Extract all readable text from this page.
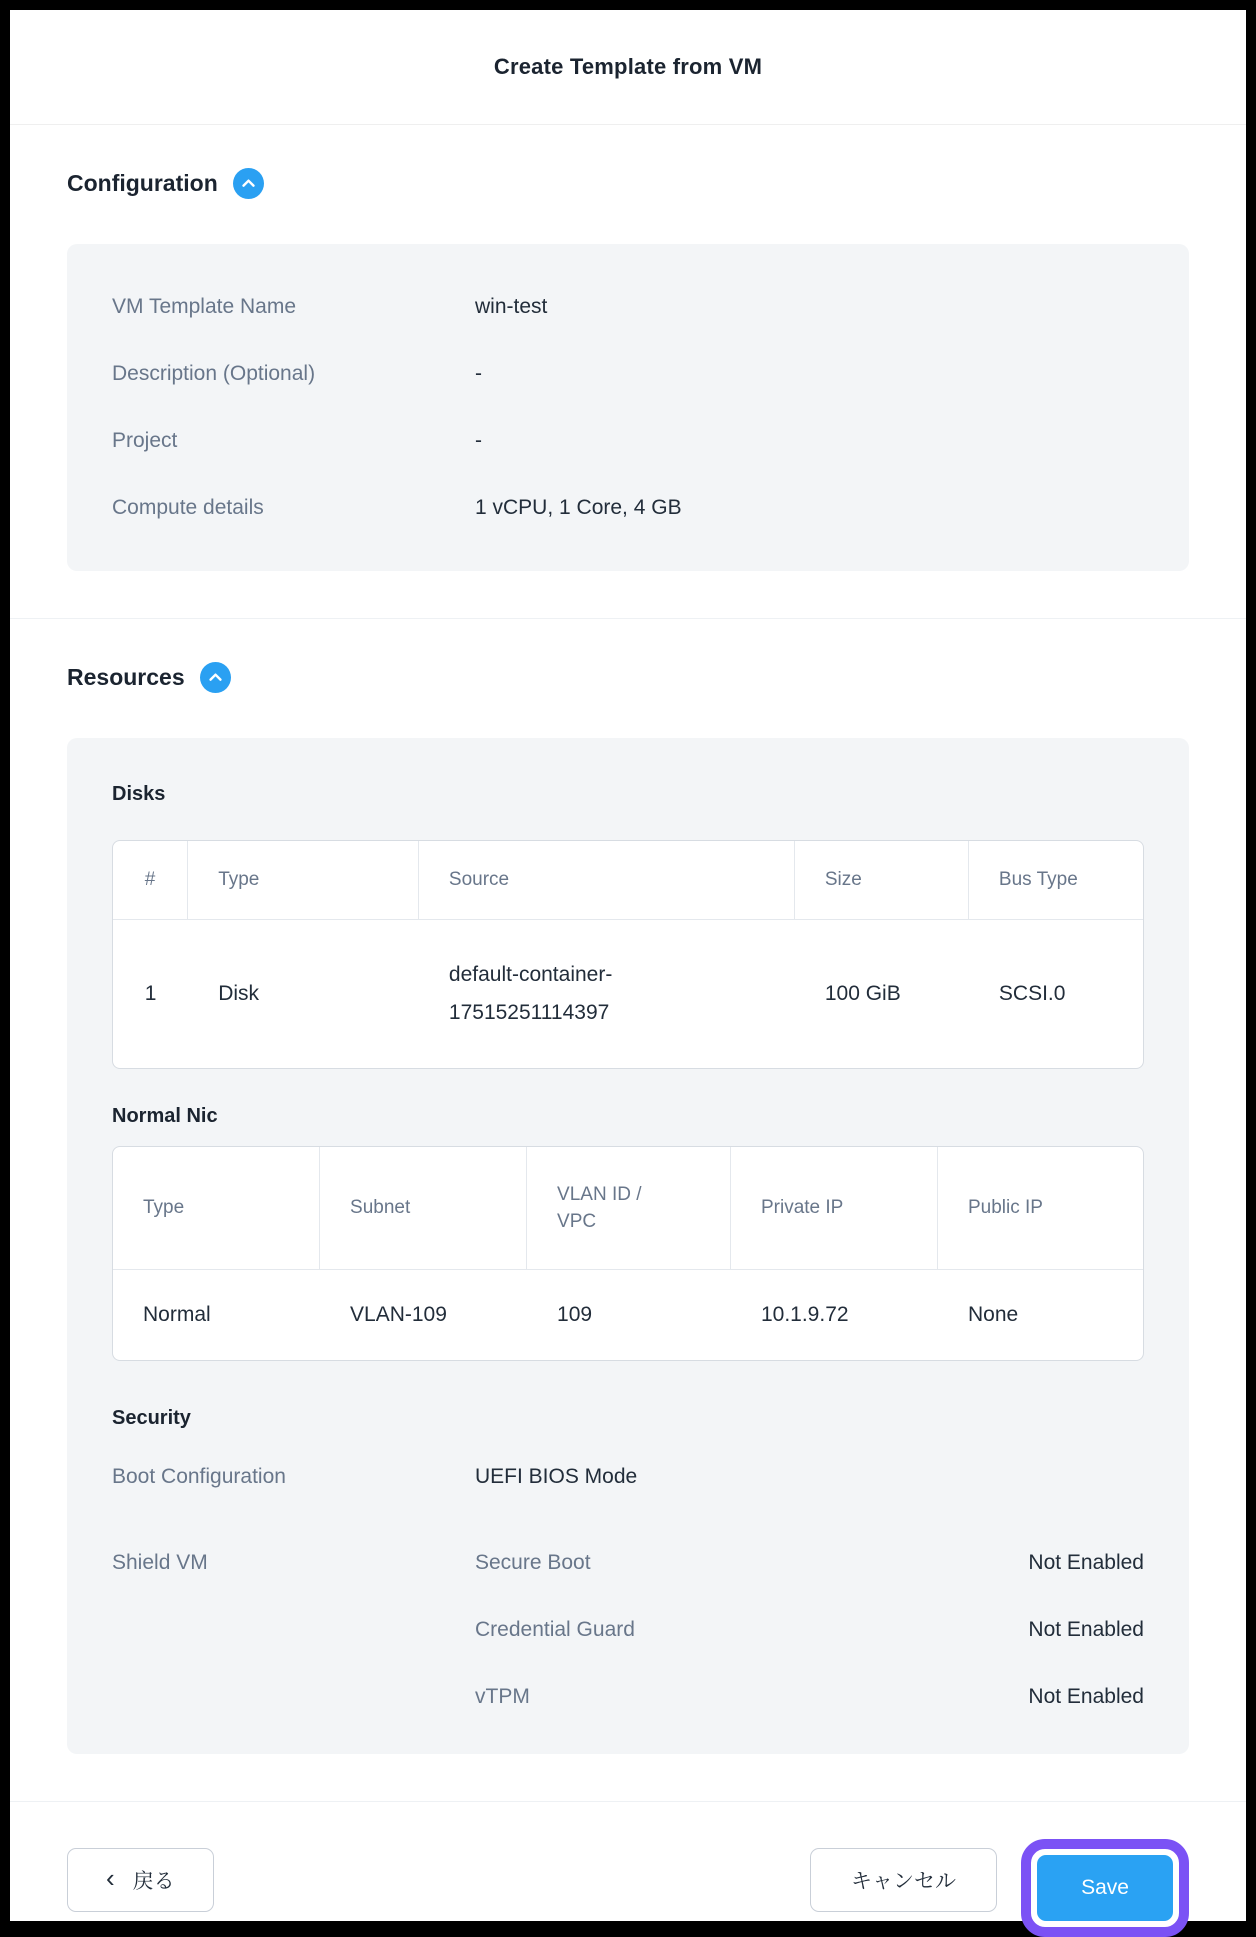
Create Template from VM
Configuration
VM Template Name	win-test
Description (Optional)	-
Project	-
Compute details	1 vCPU, 1 Core, 4 GB
Resources
Disks
#	Type	Source	Size	Bus Type
1	Disk	default-container-17515251114397	100 GiB	SCSI.0
Normal Nic
Type	Subnet	VLAN ID / VPC	Private IP	Public IP
Normal	VLAN-109	109	10.1.9.72	None
Security
Boot Configuration	UEFI BIOS Mode
Shield VM	Secure Boot	Not Enabled
Credential Guard	Not Enabled
vTPM	Not Enabled
‹ 戻る	キャンセル	Save
